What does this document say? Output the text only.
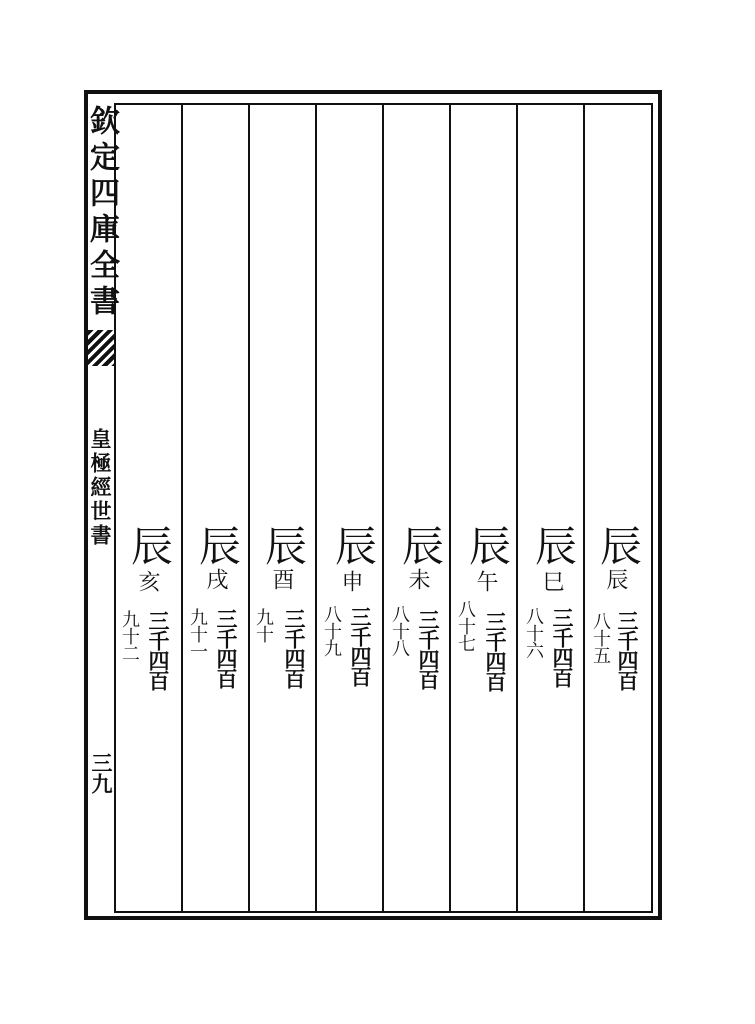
欽定四庫全書
皇極經世書
三九
辰
辰
三千四百
八十五
辰
巳
三千四百
八十六
辰
午
三千四百
八十七
辰
未
三千四百
八十八
辰
申
三千四百
八十九
辰
酉
三千四百
九十
辰
戌
三千四百
九十一
辰
亥
三千四百
九十二
